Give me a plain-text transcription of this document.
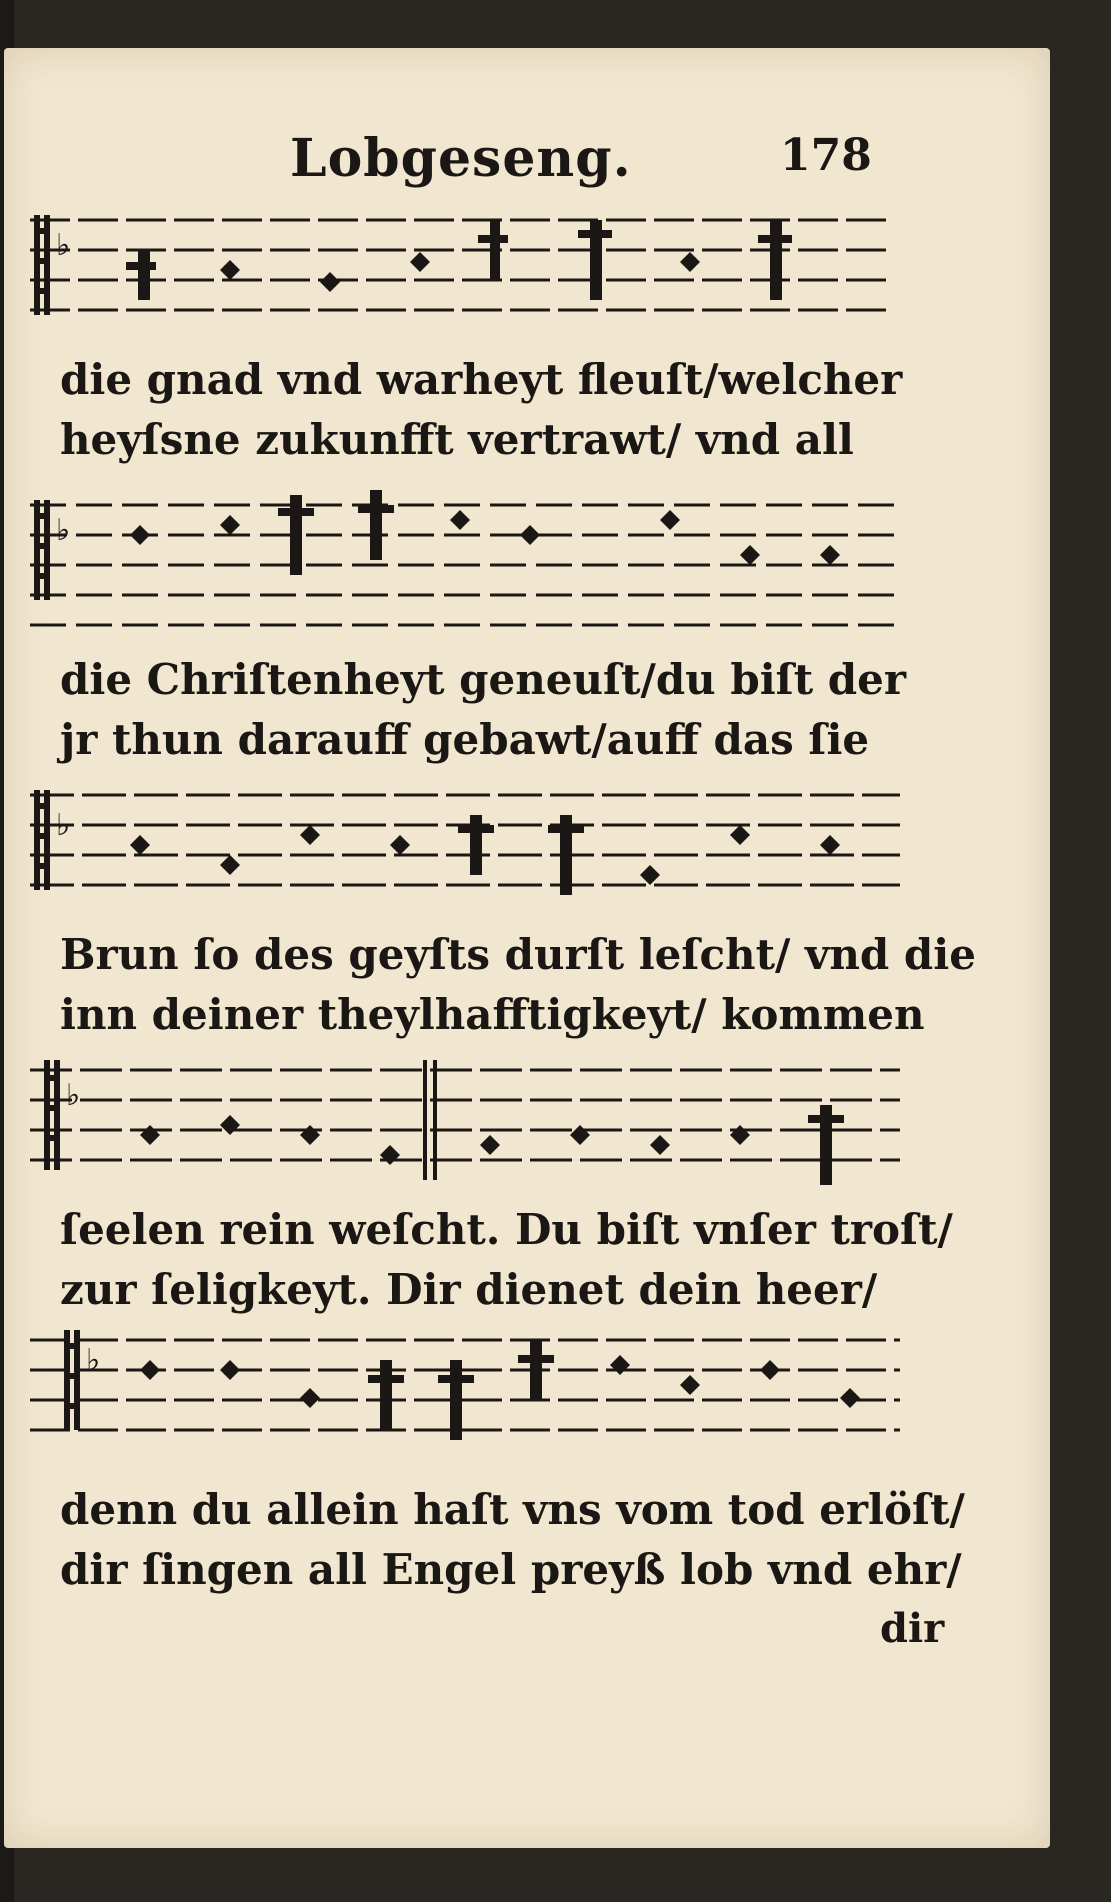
Lobgeseng.	178
♭
die gnad vnd warheyt fleuſt/welcher
heyſsne zukunfft vertrawt/ vnd all
♭
die Chriſtenheyt geneuſt/du biſt der
jr thun darauff gebawt/auff das ſie
♭
Brun ſo des geyſts durſt leſcht/ vnd die
inn deiner theylhafftigkeyt/ kommen
♭
ſeelen rein weſcht. Du biſt vnſer troſt/
zur ſeligkeyt. Dir dienet dein heer/
♭
denn du allein haſt vns vom tod erlöſt/
dir ſingen all Engel preyß lob vnd ehr/
dir
